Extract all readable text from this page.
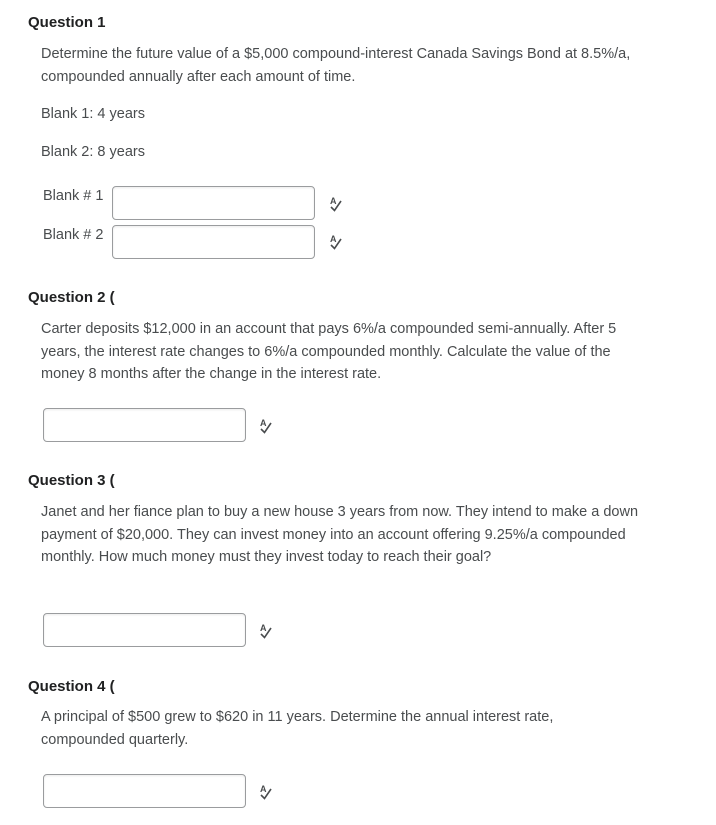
Question 1

Determine the future value of a $5,000 compound-interest Canada Savings Bond at 8.5%/a, compounded annually after each amount of time.

Blank 1: 4 years

Blank 2: 8 years

Blank # 1
Blank # 2
Question 2 (

Carter deposits $12,000 in an account that pays 6%/a compounded semi-annually. After 5 years, the interest rate changes to 6%/a compounded monthly. Calculate the value of the money 8 months after the change in the interest rate.

Question 3 (

Janet and her fiance plan to buy a new house 3 years from now. They intend to make a down payment of $20,000. They can invest money into an account offering 9.25%/a compounded monthly. How much money must they invest today to reach their goal?

Question 4 (

A principal of $500 grew to $620 in 11 years. Determine the annual interest rate, compounded quarterly.
